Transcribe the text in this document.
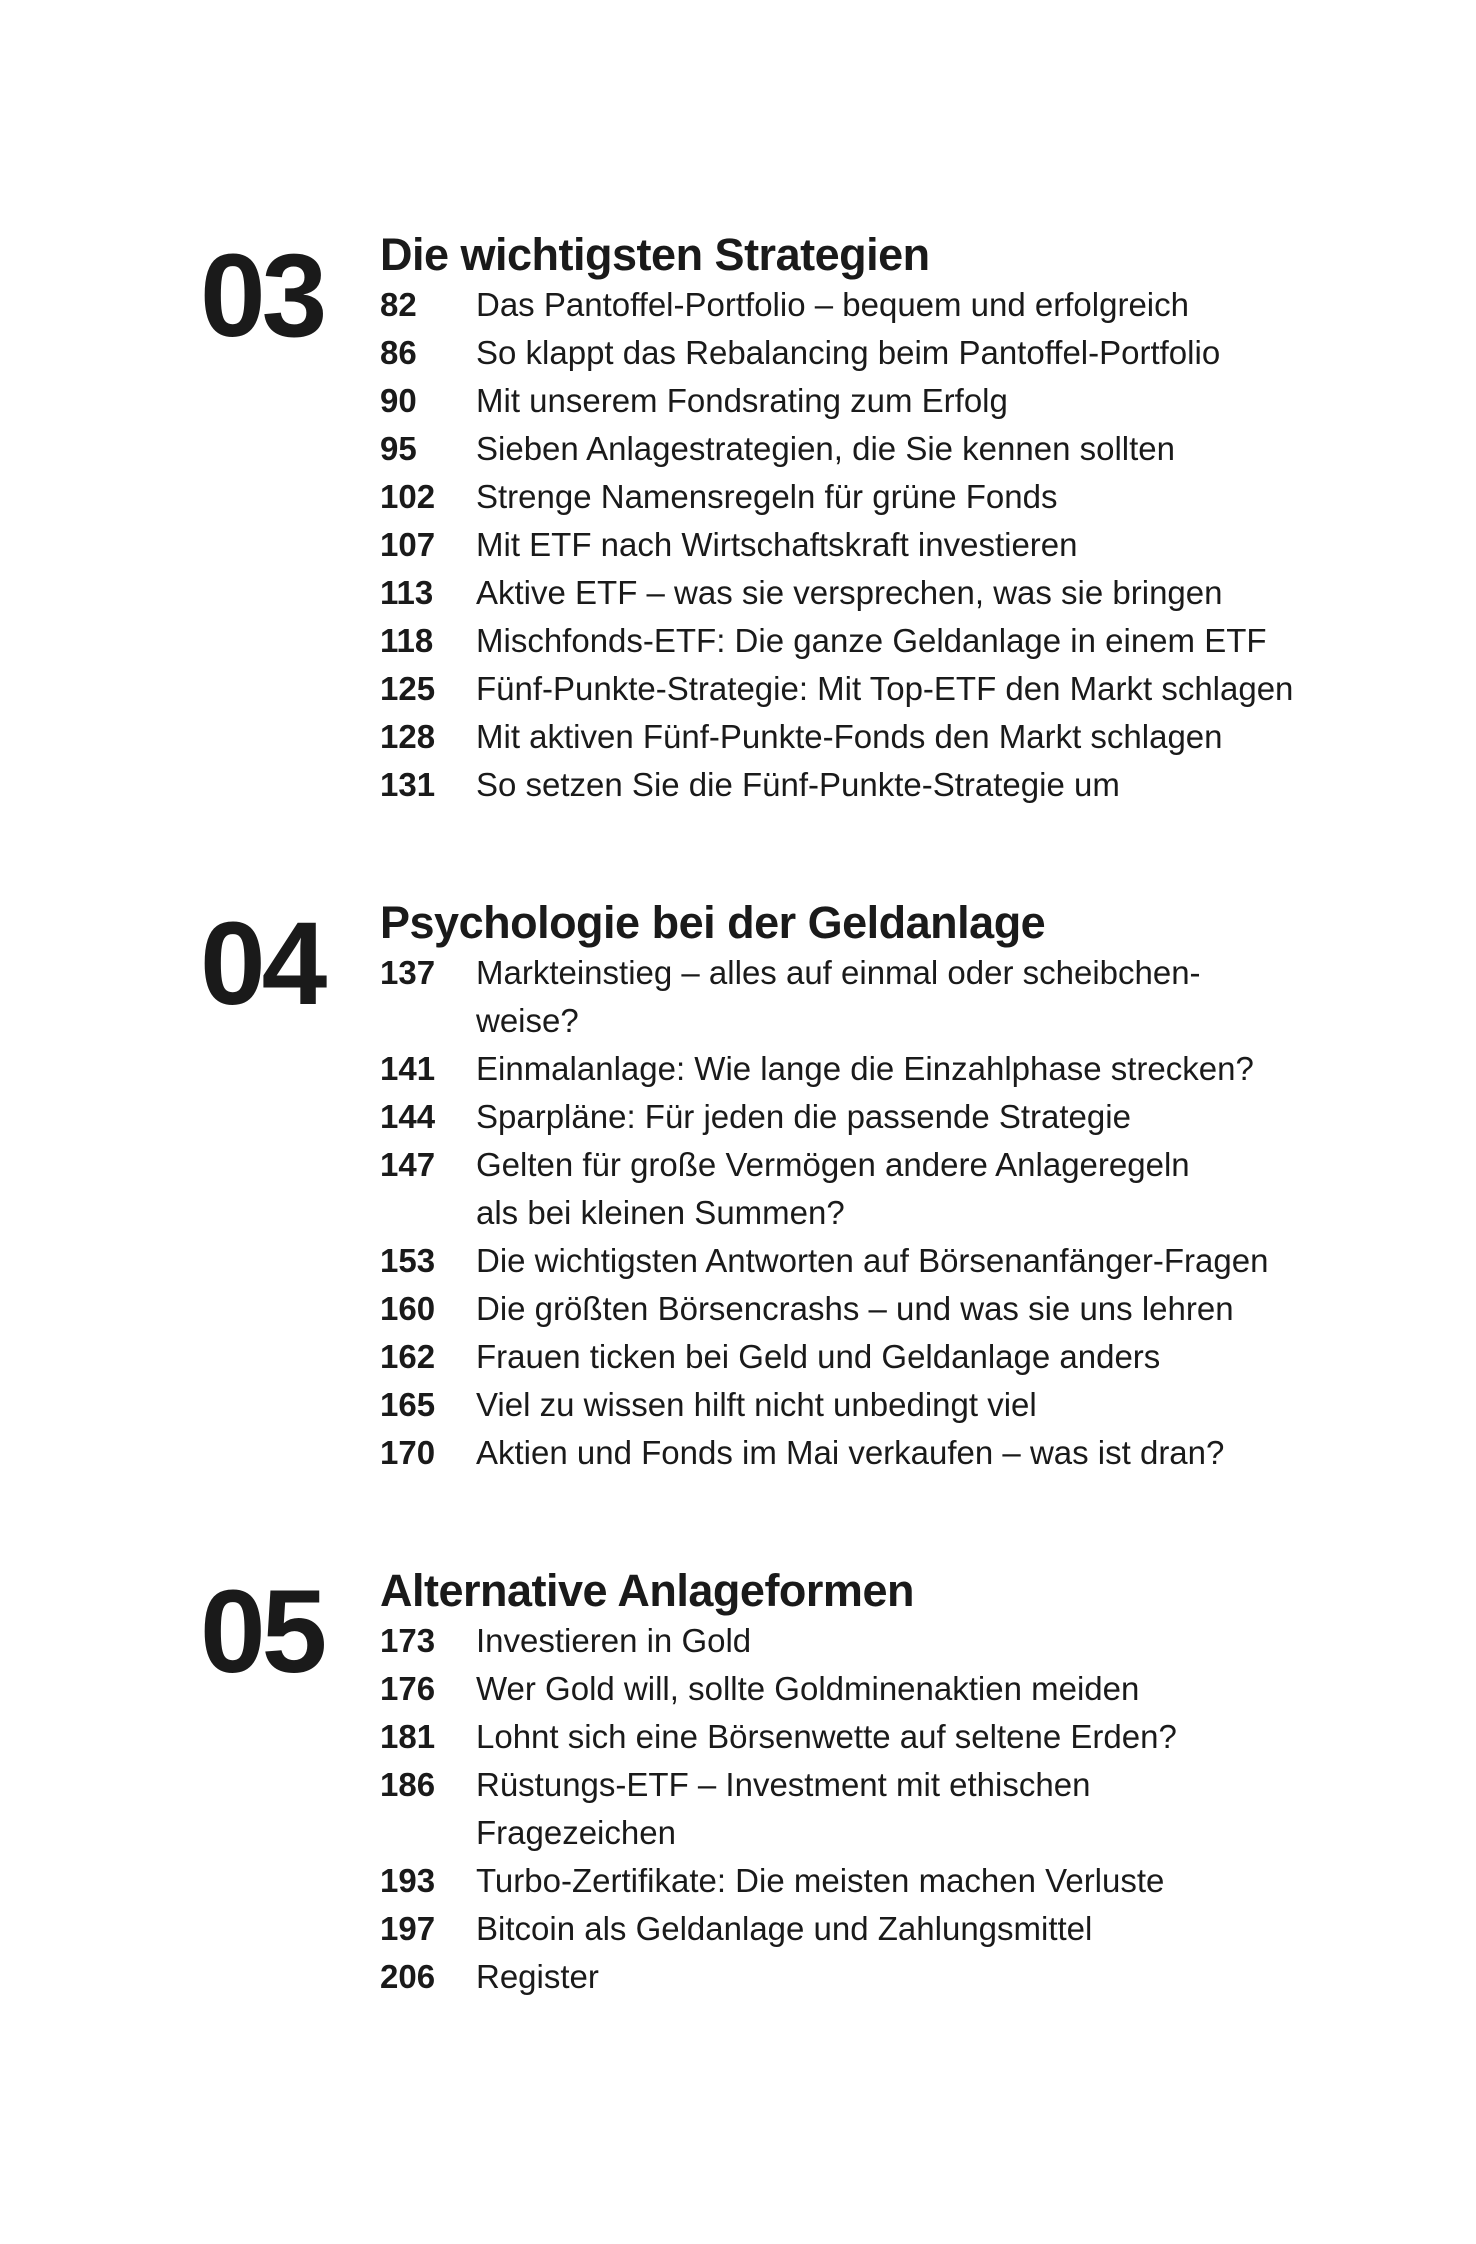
03 Die wichtigsten Strategien
82	Das Pantoffel-Portfolio – bequem und erfolgreich
86	So klappt das Rebalancing beim Pantoffel-Portfolio
90	Mit unserem Fondsrating zum Erfolg
95	Sieben Anlagestrategien, die Sie kennen sollten
102	Strenge Namensregeln für grüne Fonds
107	Mit ETF nach Wirtschaftskraft investieren
113	Aktive ETF – was sie versprechen, was sie bringen
118	Mischfonds-ETF: Die ganze Geldanlage in einem ETF
125	Fünf-Punkte-Strategie: Mit Top-ETF den Markt schlagen
128	Mit aktiven Fünf-Punkte-Fonds den Markt schlagen
131	So setzen Sie die Fünf-Punkte-Strategie um
04 Psychologie bei der Geldanlage
137	Markteinstieg – alles auf einmal oder scheibchen-
weise?
141	Einmalanlage: Wie lange die Einzahlphase strecken?
144	Sparpläne: Für jeden die passende Strategie
147	Gelten für große Vermögen andere Anlageregeln
als bei kleinen Summen?
153	Die wichtigsten Antworten auf Börsenanfänger-Fragen
160	Die größten Börsencrashs – und was sie uns lehren
162	Frauen ticken bei Geld und Geldanlage anders
165	Viel zu wissen hilft nicht unbedingt viel
170	Aktien und Fonds im Mai verkaufen – was ist dran?
05 Alternative Anlageformen
173	Investieren in Gold
176	Wer Gold will, sollte Goldminenaktien meiden
181	Lohnt sich eine Börsenwette auf seltene Erden?
186	Rüstungs-ETF – Investment mit ethischen
Fragezeichen
193	Turbo-Zertifikate: Die meisten machen Verluste
197	Bitcoin als Geldanlage und Zahlungsmittel
206	Register
